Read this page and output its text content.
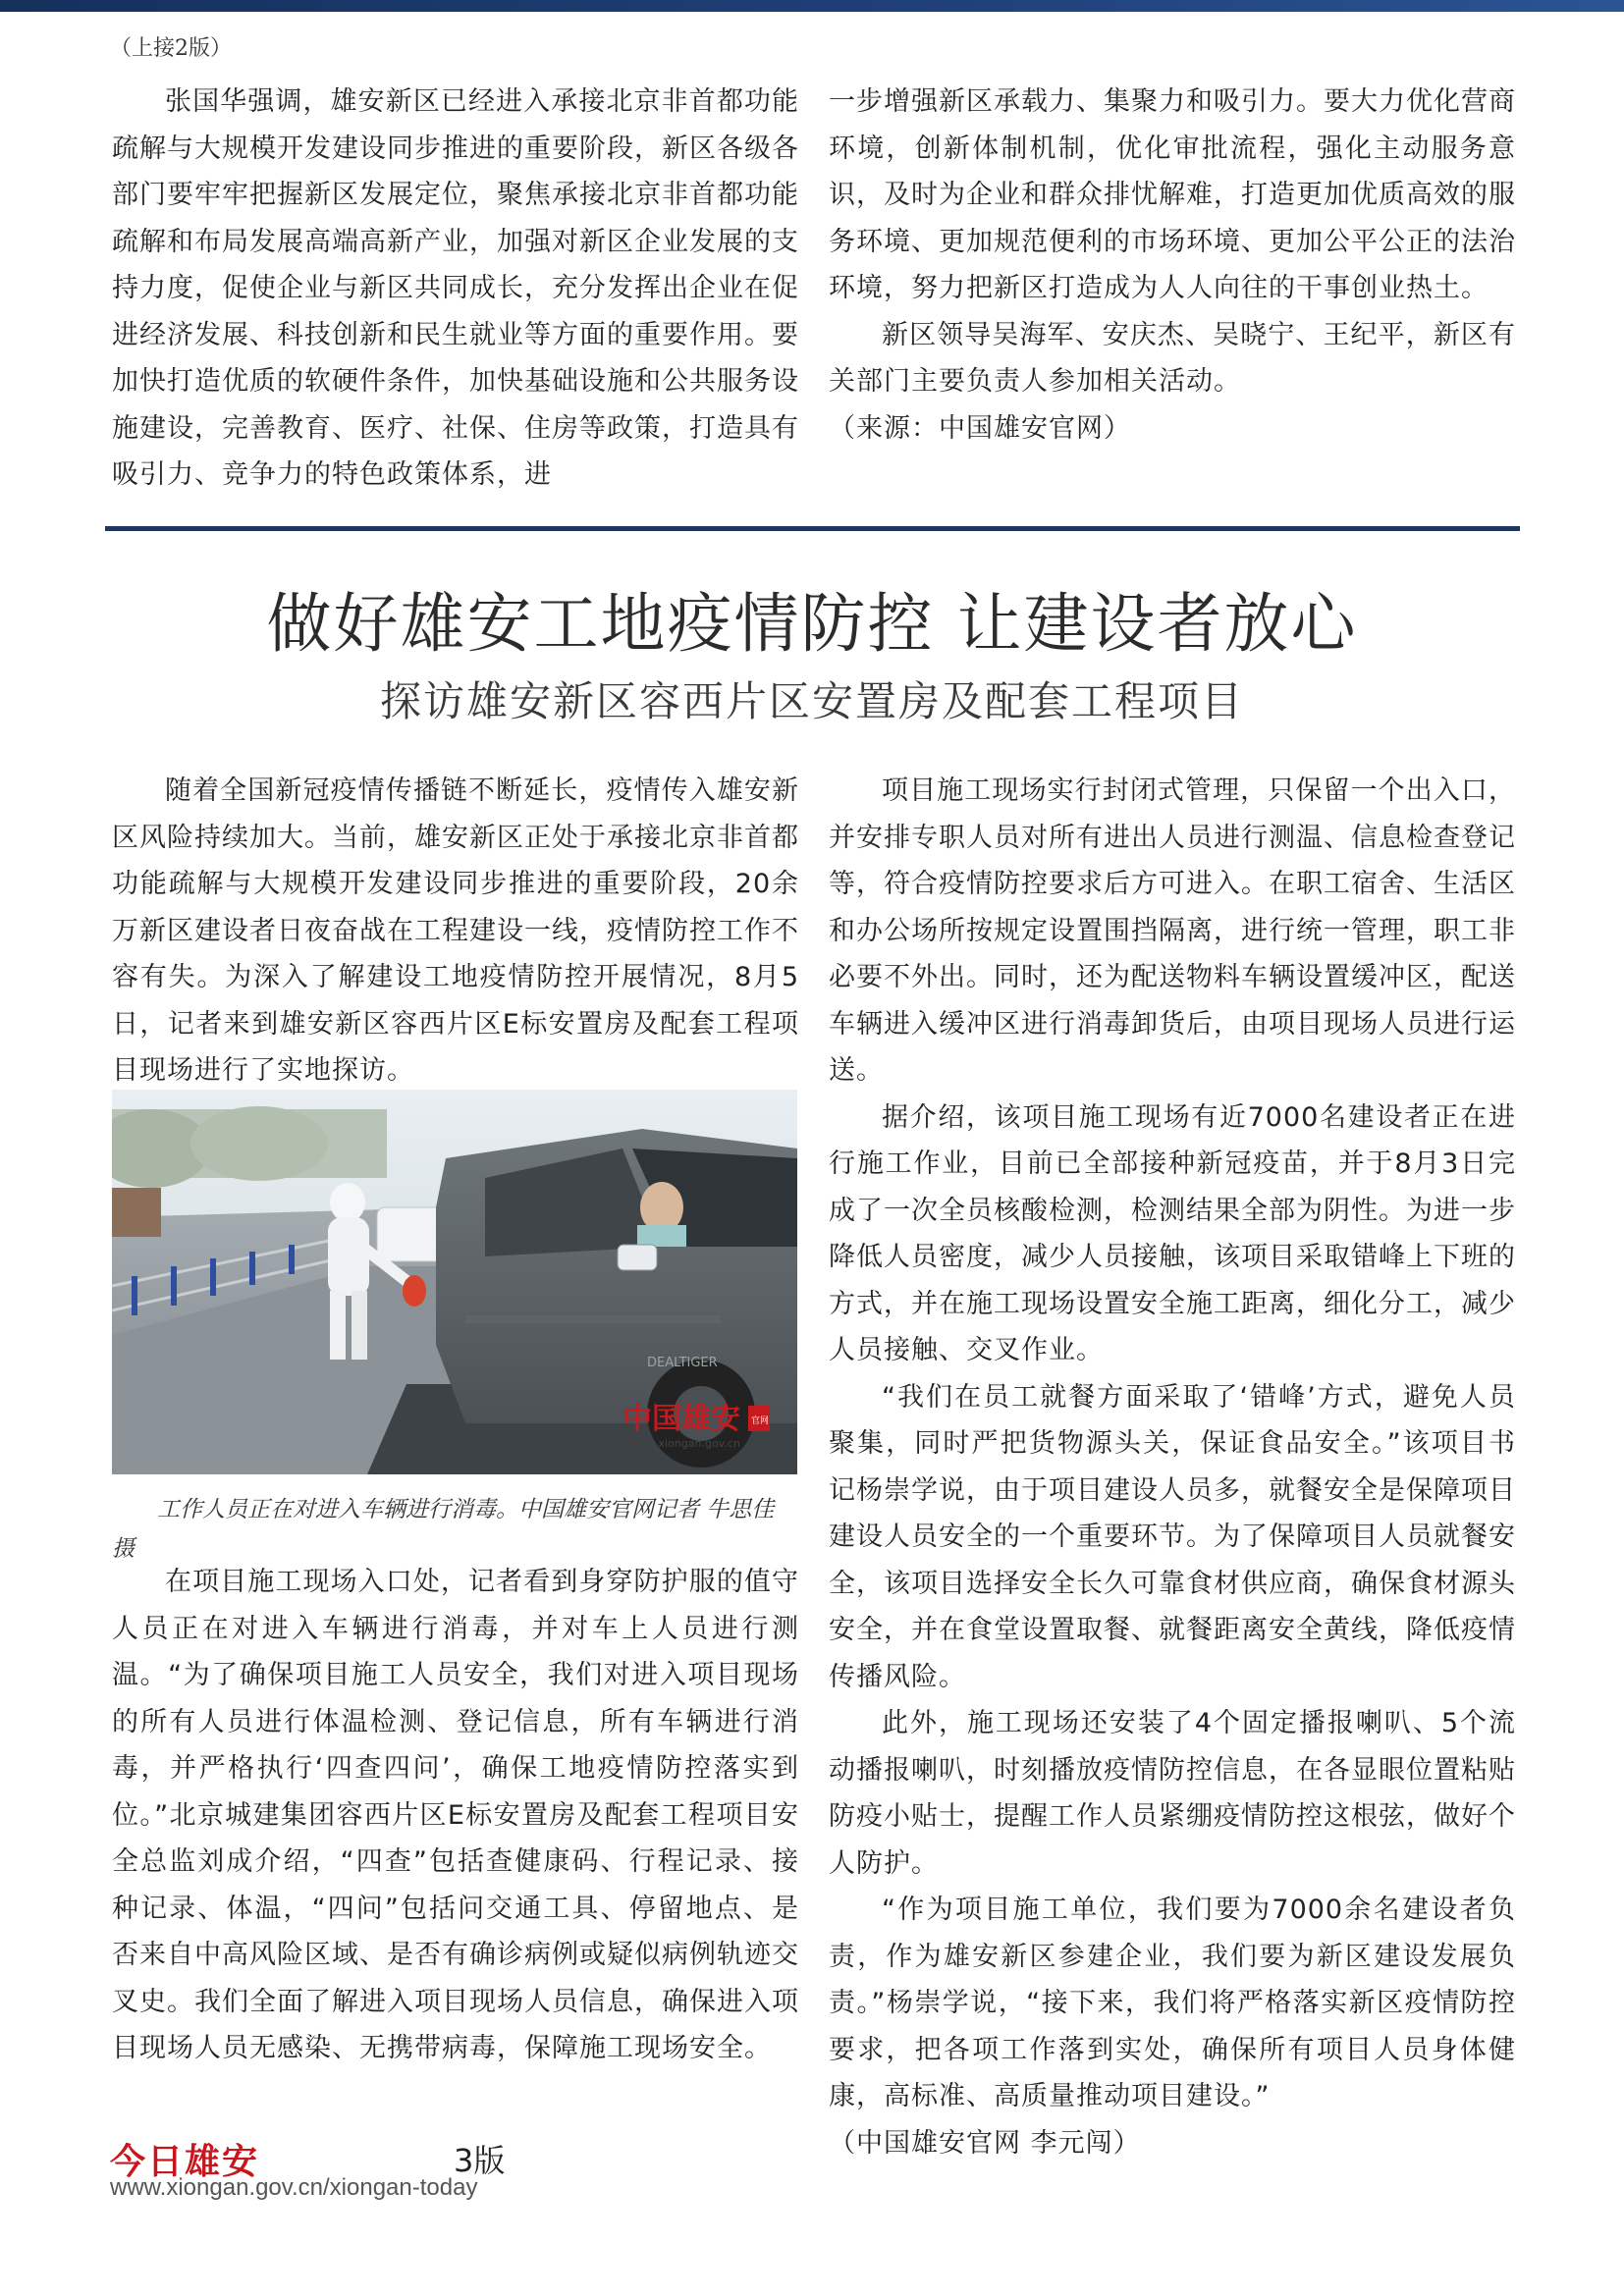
（上接2版）

张国华强调，雄安新区已经进入承接北京非首都功能疏解与大规模开发建设同步推进的重要阶段，新区各级各部门要牢牢把握新区发展定位，聚焦承接北京非首都功能疏解和布局发展高端高新产业，加强对新区企业发展的支持力度，促使企业与新区共同成长，充分发挥出企业在促进经济发展、科技创新和民生就业等方面的重要作用。要加快打造优质的软硬件条件，加快基础设施和公共服务设施建设，完善教育、医疗、社保、住房等政策，打造具有吸引力、竞争力的特色政策体系，进

一步增强新区承载力、集聚力和吸引力。要大力优化营商环境，创新体制机制，优化审批流程，强化主动服务意识，及时为企业和群众排忧解难，打造更加优质高效的服务环境、更加规范便利的市场环境、更加公平公正的法治环境，努力把新区打造成为人人向往的干事创业热土。

新区领导吴海军、安庆杰、吴晓宁、王纪平，新区有关部门主要负责人参加相关活动。

（来源：中国雄安官网）

做好雄安工地疫情防控 让建设者放心
探访雄安新区容西片区安置房及配套工程项目

随着全国新冠疫情传播链不断延长，疫情传入雄安新区风险持续加大。当前，雄安新区正处于承接北京非首都功能疏解与大规模开发建设同步推进的重要阶段，20余万新区建设者日夜奋战在工程建设一线，疫情防控工作不容有失。为深入了解建设工地疫情防控开展情况，8月5日，记者来到雄安新区容西片区E标安置房及配套工程项目现场进行了实地探访。

DEALTIGER
中国雄安 官网
www.xiongan.gov.cn
工作人员正在对进入车辆进行消毒。中国雄安官网记者 牛思佳 摄

在项目施工现场入口处，记者看到身穿防护服的值守人员正在对进入车辆进行消毒，并对车上人员进行测温。“为了确保项目施工人员安全，我们对进入项目现场的所有人员进行体温检测、登记信息，所有车辆进行消毒，并严格执行‘四查四问’，确保工地疫情防控落实到位。”北京城建集团容西片区E标安置房及配套工程项目安全总监刘成介绍，“四查”包括查健康码、行程记录、接种记录、体温，“四问”包括问交通工具、停留地点、是否来自中高风险区域、是否有确诊病例或疑似病例轨迹交叉史。我们全面了解进入项目现场人员信息，确保进入项目现场人员无感染、无携带病毒，保障施工现场安全。

项目施工现场实行封闭式管理，只保留一个出入口，并安排专职人员对所有进出人员进行测温、信息检查登记等，符合疫情防控要求后方可进入。在职工宿舍、生活区和办公场所按规定设置围挡隔离，进行统一管理，职工非必要不外出。同时，还为配送物料车辆设置缓冲区，配送车辆进入缓冲区进行消毒卸货后，由项目现场人员进行运送。

据介绍，该项目施工现场有近7000名建设者正在进行施工作业，目前已全部接种新冠疫苗，并于8月3日完成了一次全员核酸检测，检测结果全部为阴性。为进一步降低人员密度，减少人员接触，该项目采取错峰上下班的方式，并在施工现场设置安全施工距离，细化分工，减少人员接触、交叉作业。

“我们在员工就餐方面采取了‘错峰’方式，避免人员聚集，同时严把货物源头关，保证食品安全。”该项目书记杨崇学说，由于项目建设人员多，就餐安全是保障项目建设人员安全的一个重要环节。为了保障项目人员就餐安全，该项目选择安全长久可靠食材供应商，确保食材源头安全，并在食堂设置取餐、就餐距离安全黄线，降低疫情传播风险。

此外，施工现场还安装了4个固定播报喇叭、5个流动播报喇叭，时刻播放疫情防控信息，在各显眼位置粘贴防疫小贴士，提醒工作人员紧绷疫情防控这根弦，做好个人防护。

“作为项目施工单位，我们要为7000余名建设者负责，作为雄安新区参建企业，我们要为新区建设发展负责。”杨崇学说，“接下来，我们将严格落实新区疫情防控要求，把各项工作落到实处，确保所有项目人员身体健康，高标准、高质量推动项目建设。”

（中国雄安官网 李元闯）

今日雄安	3版
www.xiongan.gov.cn/xiongan-today
